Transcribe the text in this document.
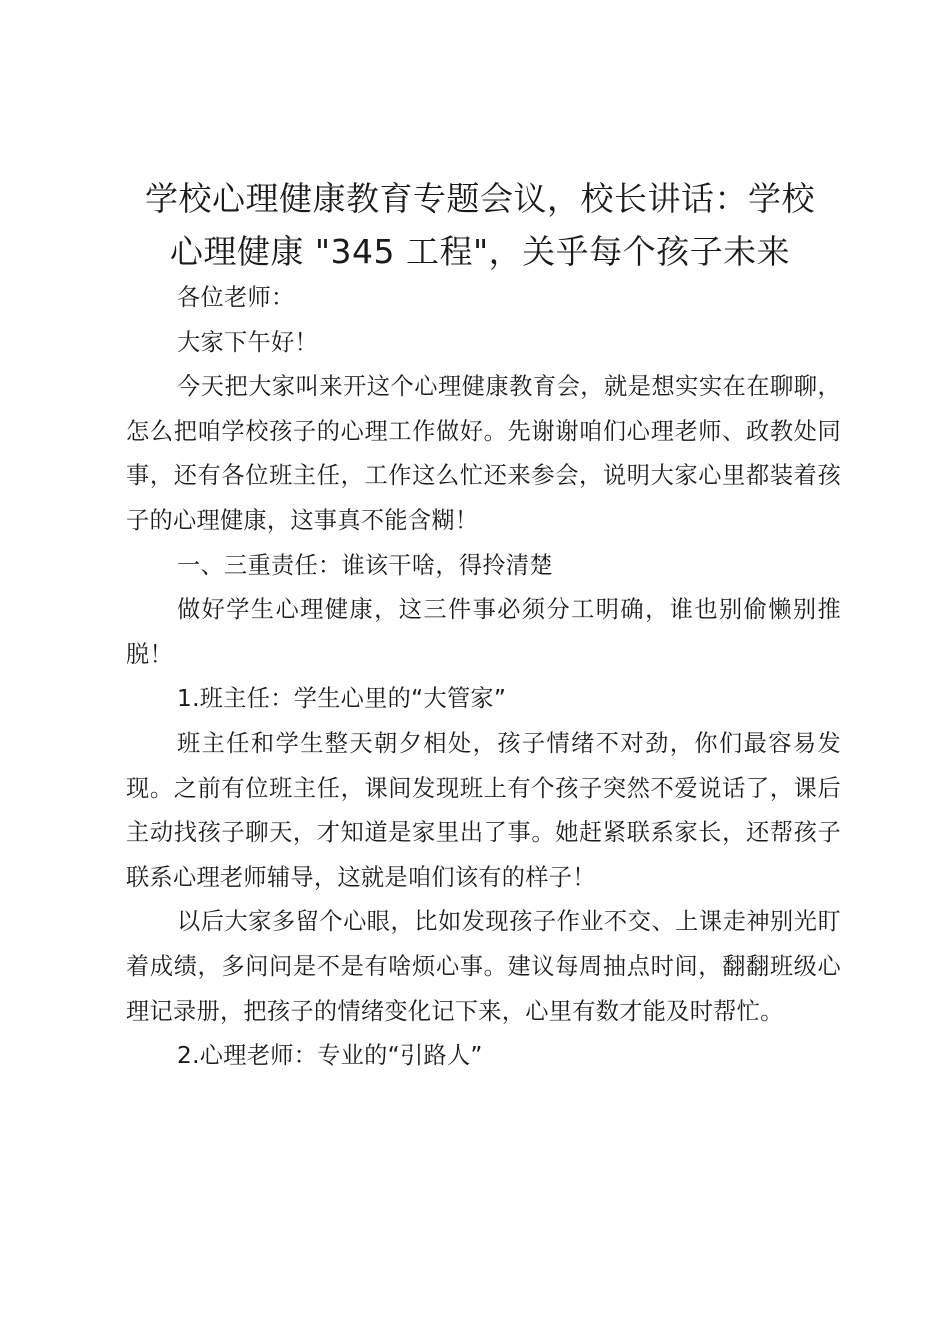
学校心理健康教育专题会议，校长讲话：学校
心理健康 "345 工程"，关乎每个孩子未来

各位老师：

大家下午好！

今天把大家叫来开这个心理健康教育会，就是想实实在在聊聊，怎么把咱学校孩子的心理工作做好。先谢谢咱们心理老师、政教处同事，还有各位班主任，工作这么忙还来参会，说明大家心里都装着孩子的心理健康，这事真不能含糊！

一、三重责任：谁该干啥，得拎清楚

做好学生心理健康，这三件事必须分工明确，谁也别偷懒别推脱！

1.班主任：学生心里的“大管家”

班主任和学生整天朝夕相处，孩子情绪不对劲，你们最容易发现。之前有位班主任，课间发现班上有个孩子突然不爱说话了，课后主动找孩子聊天，才知道是家里出了事。她赶紧联系家长，还帮孩子联系心理老师辅导，这就是咱们该有的样子！

以后大家多留个心眼，比如发现孩子作业不交、上课走神别光盯着成绩，多问问是不是有啥烦心事。建议每周抽点时间，翻翻班级心理记录册，把孩子的情绪变化记下来，心里有数才能及时帮忙。

2.心理老师：专业的“引路人”
